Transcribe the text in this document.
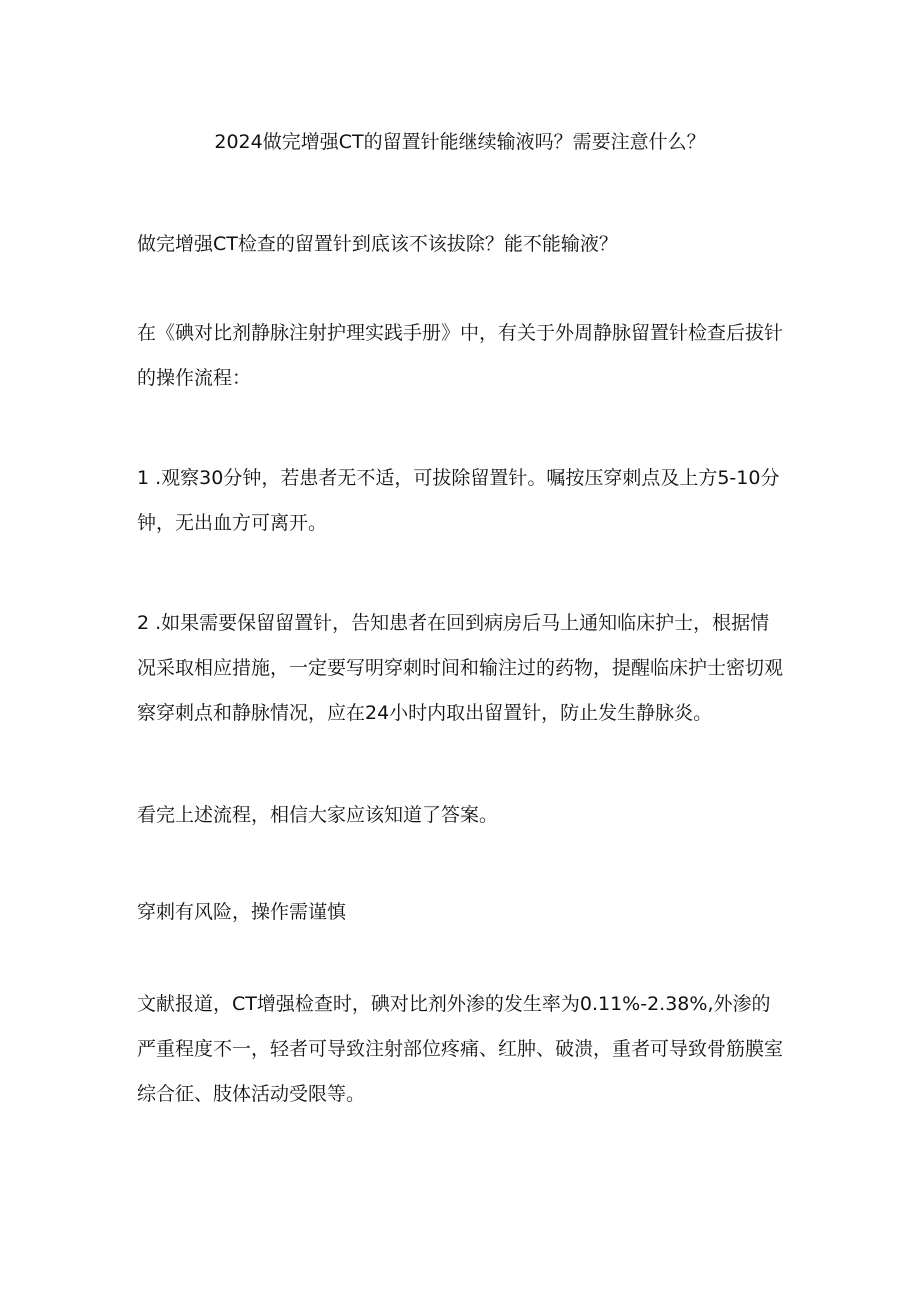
2024做完增强CT的留置针能继续输液吗？需要注意什么？
做完增强CT检查的留置针到底该不该拔除？能不能输液？
在《碘对比剂静脉注射护理实践手册》中，有关于外周静脉留置针检查后拔针的操作流程：
1 .观察30分钟，若患者无不适，可拔除留置针。嘱按压穿刺点及上方5-10分钟，无出血方可离开。
2 .如果需要保留留置针，告知患者在回到病房后马上通知临床护士，根据情况采取相应措施，一定要写明穿刺时间和输注过的药物，提醒临床护士密切观察穿刺点和静脉情况，应在24小时内取出留置针，防止发生静脉炎。
看完上述流程，相信大家应该知道了答案。
穿刺有风险，操作需谨慎
文献报道，CT增强检查时，碘对比剂外渗的发生率为0.11%-2.38%,外渗的严重程度不一，轻者可导致注射部位疼痛、红肿、破溃，重者可导致骨筋膜室综合征、肢体活动受限等。
